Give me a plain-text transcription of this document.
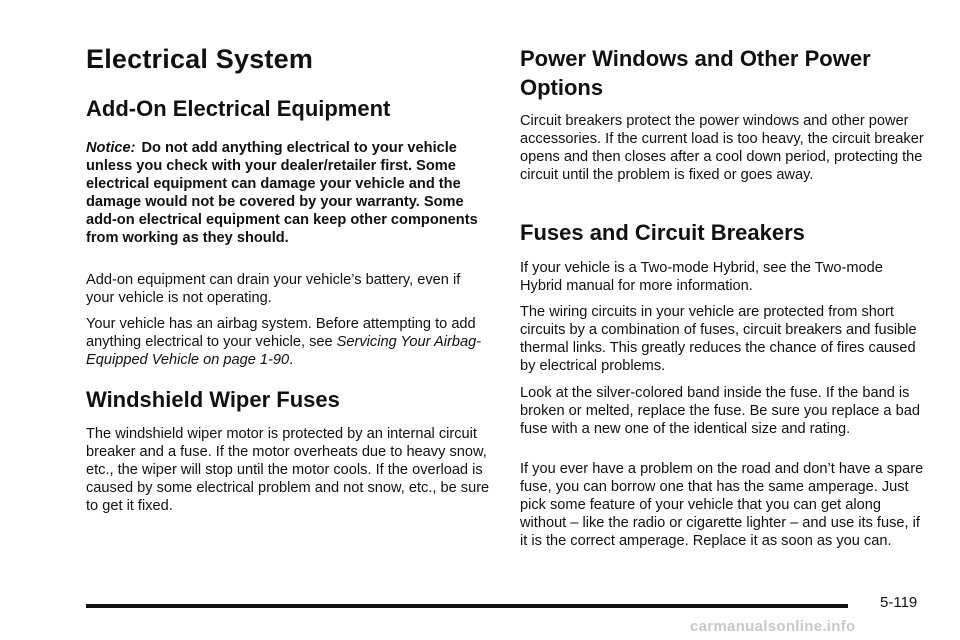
Electrical System
Add-On Electrical Equipment

Notice: Do not add anything electrical to your vehicle unless you check with your dealer/retailer first. Some electrical equipment can damage your vehicle and the damage would not be covered by your warranty. Some add-on electrical equipment can keep other components from working as they should.

Add-on equipment can drain your vehicle’s battery, even if your vehicle is not operating.

Your vehicle has an airbag system. Before attempting to add anything electrical to your vehicle, see Servicing Your Airbag-Equipped Vehicle on page 1-90.

Windshield Wiper Fuses

The windshield wiper motor is protected by an internal circuit breaker and a fuse. If the motor overheats due to heavy snow, etc., the wiper will stop until the motor cools. If the overload is caused by some electrical problem and not snow, etc., be sure to get it fixed.

Power Windows and Other Power Options

Circuit breakers protect the power windows and other power accessories. If the current load is too heavy, the circuit breaker opens and then closes after a cool down period, protecting the circuit until the problem is fixed or goes away.

Fuses and Circuit Breakers

If your vehicle is a Two-mode Hybrid, see the Two-mode Hybrid manual for more information.

The wiring circuits in your vehicle are protected from short circuits by a combination of fuses, circuit breakers and fusible thermal links. This greatly reduces the chance of fires caused by electrical problems.

Look at the silver-colored band inside the fuse. If the band is broken or melted, replace the fuse. Be sure you replace a bad fuse with a new one of the identical size and rating.

If you ever have a problem on the road and don’t have a spare fuse, you can borrow one that has the same amperage. Just pick some feature of your vehicle that you can get along without – like the radio or cigarette lighter – and use its fuse, if it is the correct amperage. Replace it as soon as you can.

5-119
carmanualsonline.info
